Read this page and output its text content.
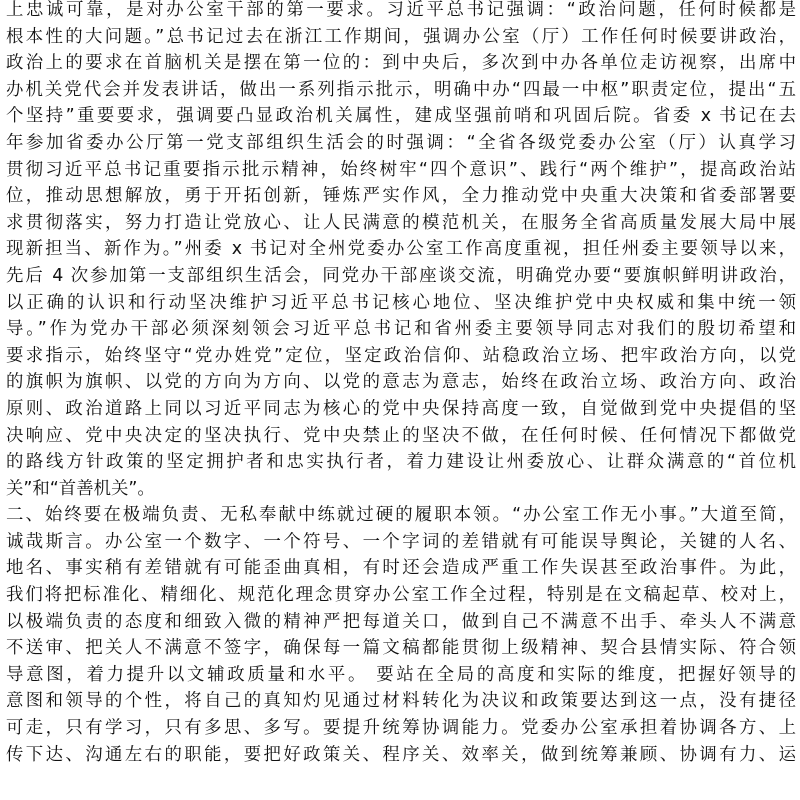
上忠诚可靠，是对办公室干部的第一要求。习近平总书记强调：“政治问题，任何时候都是
根本性的大问题。”总书记过去在浙江工作期间，强调办公室（厅）工作任何时候要讲政治，
政治上的要求在首脑机关是摆在第一位的：到中央后，多次到中办各单位走访视察，出席中
办机关党代会并发表讲话，做出一系列指示批示，明确中办“四最一中枢”职责定位，提出“五
个坚持”重要要求，强调要凸显政治机关属性，建成坚强前哨和巩固后院。省委 x 书记在去
年参加省委办公厅第一党支部组织生活会的时强调：“全省各级党委办公室（厅）认真学习
贯彻习近平总书记重要指示批示精神，始终树牢“四个意识”、践行“两个维护”，提高政治站
位，推动思想解放，勇于开拓创新，锤炼严实作风，全力推动党中央重大决策和省委部署要
求贯彻落实，努力打造让党放心、让人民满意的模范机关，在服务全省高质量发展大局中展
现新担当、新作为。”州委 x 书记对全州党委办公室工作高度重视，担任州委主要领导以来，
先后 4 次参加第一支部组织生活会，同党办干部座谈交流，明确党办要“要旗帜鲜明讲政治，
以正确的认识和行动坚决维护习近平总书记核心地位、坚决维护党中央权威和集中统一领
导。”作为党办干部必须深刻领会习近平总书记和省州委主要领导同志对我们的殷切希望和
要求指示，始终坚守“党办姓党”定位，坚定政治信仰、站稳政治立场、把牢政治方向，以党
的旗帜为旗帜、以党的方向为方向、以党的意志为意志，始终在政治立场、政治方向、政治
原则、政治道路上同以习近平同志为核心的党中央保持高度一致，自觉做到党中央提倡的坚
决响应、党中央决定的坚决执行、党中央禁止的坚决不做，在任何时候、任何情况下都做党
的路线方针政策的坚定拥护者和忠实执行者，着力建设让州委放心、让群众满意的“首位机
关”和“首善机关”。
二、始终要在极端负责、无私奉献中练就过硬的履职本领。“办公室工作无小事。”大道至简，
诚哉斯言。办公室一个数字、一个符号、一个字词的差错就有可能误导舆论，关键的人名、
地名、事实稍有差错就有可能歪曲真相，有时还会造成严重工作失误甚至政治事件。为此，
我们将把标准化、精细化、规范化理念贯穿办公室工作全过程，特别是在文稿起草、校对上，
以极端负责的态度和细致入微的精神严把每道关口，做到自己不满意不出手、牵头人不满意
不送审、把关人不满意不签字，确保每一篇文稿都能贯彻上级精神、契合县情实际、符合领
导意图，着力提升以文辅政质量和水平。 要站在全局的高度和实际的维度，把握好领导的
意图和领导的个性，将自己的真知灼见通过材料转化为决议和政策要达到这一点，没有捷径
可走，只有学习，只有多思、多写。要提升统筹协调能力。党委办公室承担着协调各方、上
传下达、沟通左右的职能，要把好政策关、程序关、效率关，做到统筹兼顾、协调有力、运
